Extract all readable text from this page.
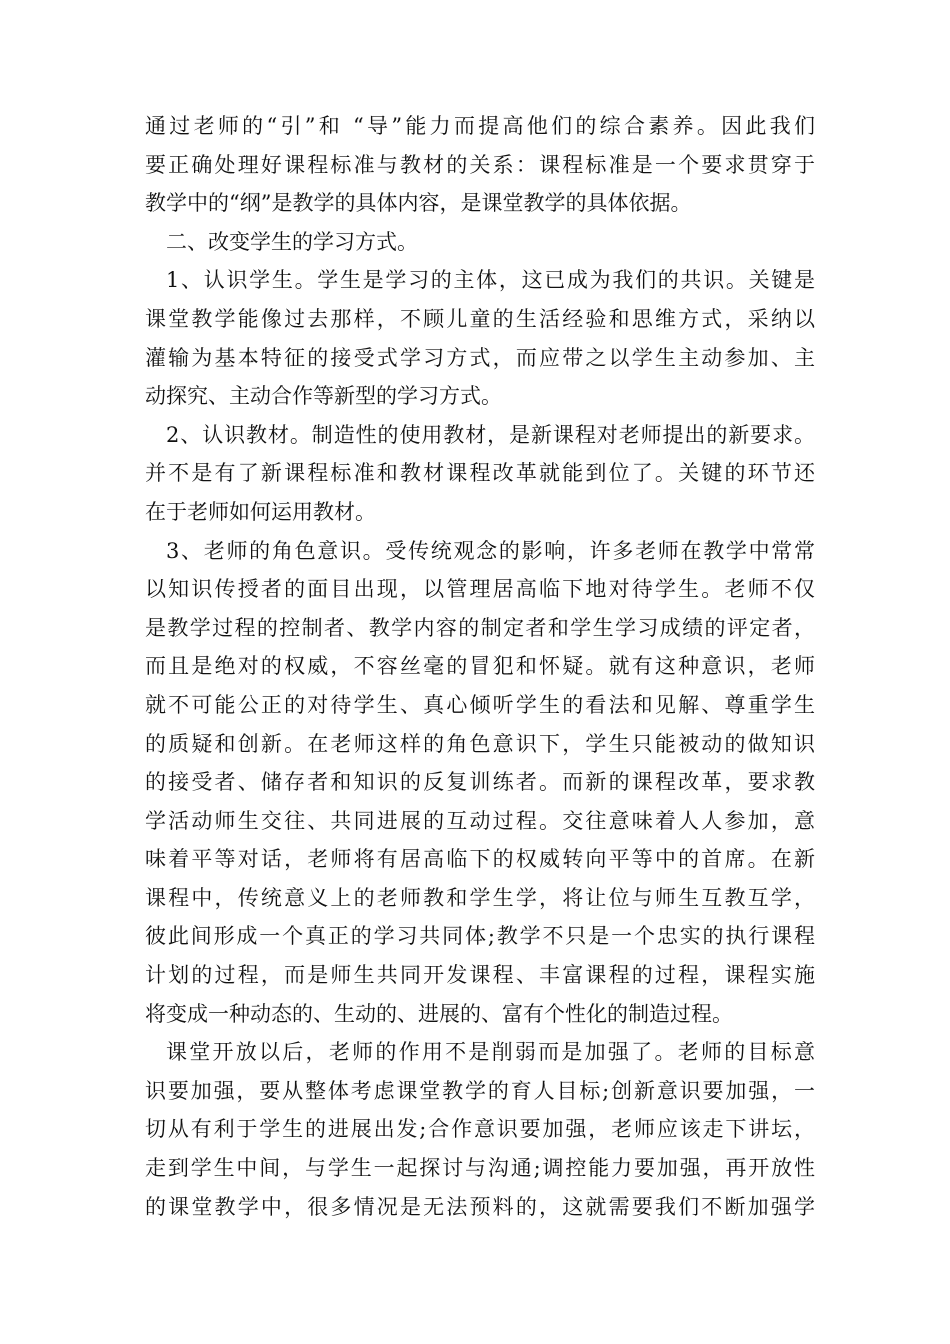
通过老师的“引”和 “导”能力而提高他们的综合素养。因此我们
要正确处理好课程标准与教材的关系：课程标准是一个要求贯穿于
教学中的“纲”是教学的具体内容，是课堂教学的具体依据。
二、改变学生的学习方式。
1、认识学生。学生是学习的主体，这已成为我们的共识。关键是
课堂教学能像过去那样，不顾儿童的生活经验和思维方式，采纳以
灌输为基本特征的接受式学习方式，而应带之以学生主动参加、主
动探究、主动合作等新型的学习方式。
2、认识教材。制造性的使用教材，是新课程对老师提出的新要求。
并不是有了新课程标准和教材课程改革就能到位了。关键的环节还
在于老师如何运用教材。
3、老师的角色意识。受传统观念的影响，许多老师在教学中常常
以知识传授者的面目出现，以管理居高临下地对待学生。老师不仅
是教学过程的控制者、教学内容的制定者和学生学习成绩的评定者，
而且是绝对的权威，不容丝毫的冒犯和怀疑。就有这种意识，老师
就不可能公正的对待学生、真心倾听学生的看法和见解、尊重学生
的质疑和创新。在老师这样的角色意识下，学生只能被动的做知识
的接受者、储存者和知识的反复训练者。而新的课程改革，要求教
学活动师生交往、共同进展的互动过程。交往意味着人人参加，意
味着平等对话，老师将有居高临下的权威转向平等中的首席。在新
课程中，传统意义上的老师教和学生学，将让位与师生互教互学，
彼此间形成一个真正的学习共同体;教学不只是一个忠实的执行课程
计划的过程，而是师生共同开发课程、丰富课程的过程，课程实施
将变成一种动态的、生动的、进展的、富有个性化的制造过程。
课堂开放以后，老师的作用不是削弱而是加强了。老师的目标意
识要加强，要从整体考虑课堂教学的育人目标;创新意识要加强，一
切从有利于学生的进展出发;合作意识要加强，老师应该走下讲坛，
走到学生中间，与学生一起探讨与沟通;调控能力要加强，再开放性
的课堂教学中，很多情况是无法预料的，这就需要我们不断加强学
